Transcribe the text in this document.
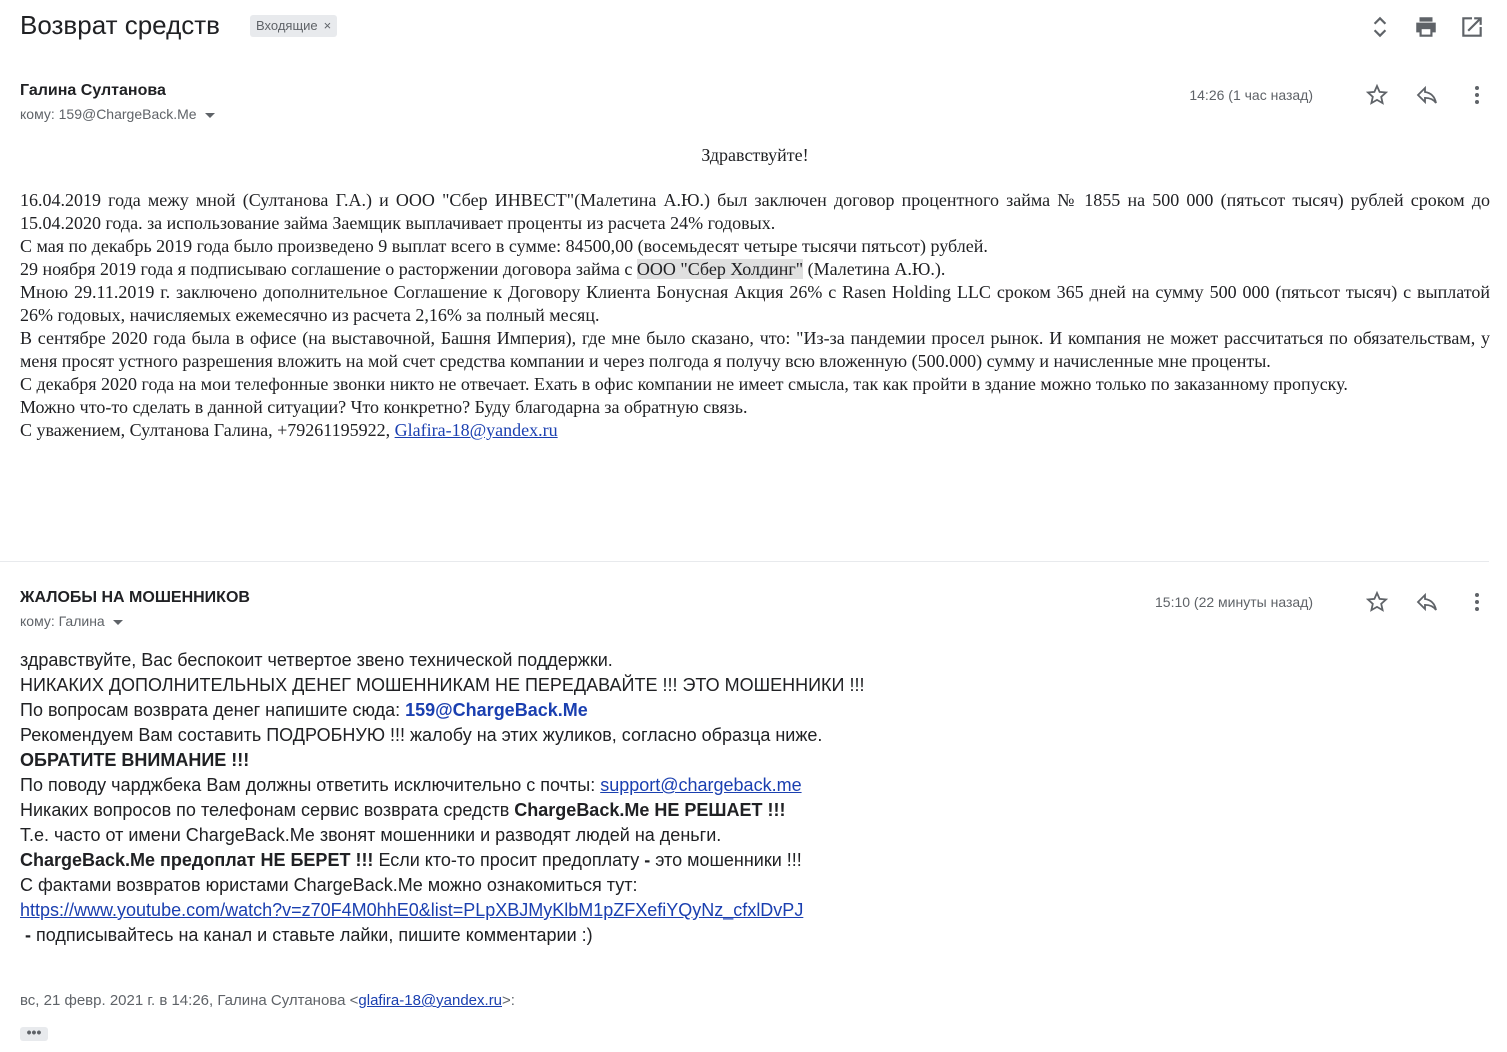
Возврат средств	Входящие ×
Галина Султанова
кому: 159@ChargeBack.Me
14:26 (1 час назад)
Здравствуйте!

16.04.2019 года межу мной (Султанова Г.А.) и ООО "Сбер ИНВЕСТ"(Малетина А.Ю.) был заключен договор процентного займа № 1855 на 500 000 (пятьсот тысяч) рублей сроком до 15.04.2020 года. за использование займа Заемщик выплачивает проценты из расчета 24% годовых.

С мая по декабрь 2019 года было произведено 9 выплат всего в сумме: 84500,00 (восемьдесят четыре тысячи пятьсот) рублей.

29 ноября 2019 года я подписываю соглашение о расторжении договора займа с ООО "Сбер Холдинг" (Малетина А.Ю.).

Мною 29.11.2019 г. заключено дополнительное Соглашение к Договору Клиента Бонусная Акция 26% с Rasen Holding LLC сроком 365 дней на сумму 500 000 (пятьсот тысяч) с выплатой 26% годовых, начисляемых ежемесячно из расчета 2,16% за полный месяц.

В сентябре 2020 года была в офисе (на выставочной, Башня Империя), где мне было сказано, что: "Из-за пандемии просел рынок. И компания не может рассчитаться по обязательствам, у меня просят устного разрешения вложить на мой счет средства компании и через полгода я получу всю вложенную (500.000) сумму и начисленные мне проценты.

С декабря 2020 года на мои телефонные звонки никто не отвечает. Ехать в офис компании не имеет смысла, так как пройти в здание можно только по заказанному пропуску.

Можно что-то сделать в данной ситуации? Что конкретно? Буду благодарна за обратную связь.

С уважением, Султанова Галина, +79261195922, Glafira-18@yandex.ru

ЖАЛОБЫ НА МОШЕННИКОВ
кому: Галина
15:10 (22 минуты назад)

здравствуйте, Вас беспокоит четвертое звено технической поддержки.

НИКАКИХ ДОПОЛНИТЕЛЬНЫХ ДЕНЕГ МОШЕННИКАМ НЕ ПЕРЕДАВАЙТЕ !!! ЭТО МОШЕННИКИ !!!

По вопросам возврата денег напишите сюда: 159@ChargeBack.Me

Рекомендуем Вам составить ПОДРОБНУЮ !!! жалобу на этих жуликов, согласно образца ниже.

ОБРАТИТЕ ВНИМАНИЕ !!!

По поводу чарджбека Вам должны ответить исключительно с почты: support@chargeback.me

Никаких вопросов по телефонам сервис возврата средств ChargeBack.Me НЕ РЕШАЕТ !!!

Т.е. часто от имени ChargeBack.Me звонят мошенники и разводят людей на деньги.

ChargeBack.Me предоплат НЕ БЕРЕТ !!! Если кто-то просит предоплату - это мошенники !!!

С фактами возвратов юристами ChargeBack.Me можно ознакомиться тут:

https://www.youtube.com/watch?v=z70F4M0hhE0&list=PLpXBJMyKlbM1pZFXefiYQyNz_cfxlDvPJ

- подписывайтесь на канал и ставьте лайки, пишите комментарии :)

вс, 21 февр. 2021 г. в 14:26, Галина Султанова <glafira-18@yandex.ru>:
•••
